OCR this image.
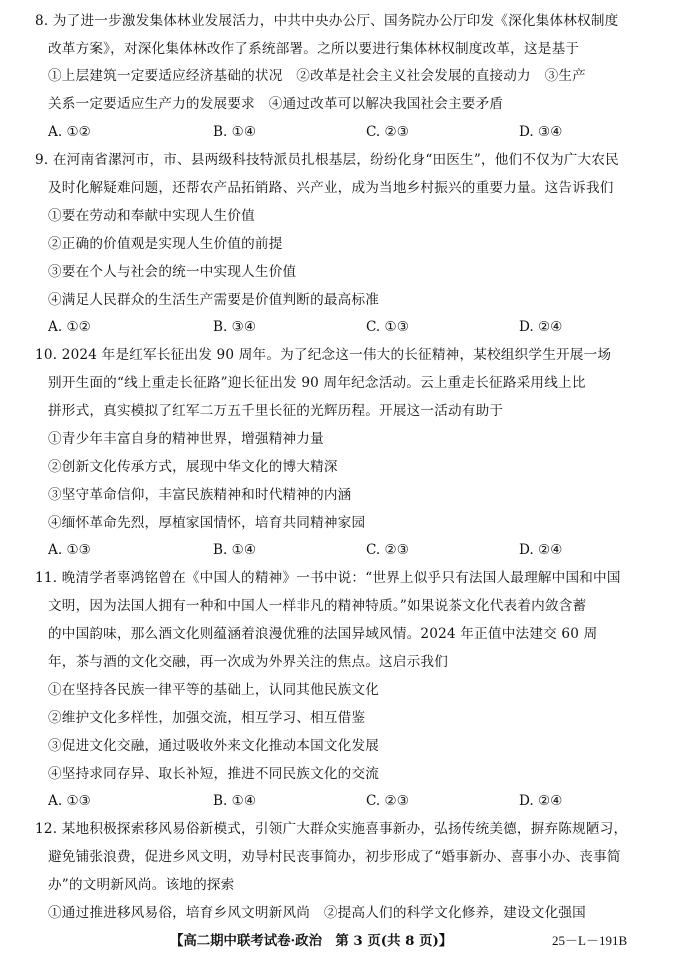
8. 为了进一步激发集体林业发展活力，中共中央办公厅、国务院办公厅印发《深化集体林权制度
改革方案》，对深化集体林改作了系统部署。之所以要进行集体林权制度改革，这是基于
①上层建筑一定要适应经济基础的状况　②改革是社会主义社会发展的直接动力　③生产
关系一定要适应生产力的发展要求　④通过改革可以解决我国社会主要矛盾
A. ①②	B. ①④	C. ②③	D. ③④
9. 在河南省漯河市，市、县两级科技特派员扎根基层，纷纷化身“田医生”，他们不仅为广大农民
及时化解疑难问题，还帮农产品拓销路、兴产业，成为当地乡村振兴的重要力量。这告诉我们
①要在劳动和奉献中实现人生价值
②正确的价值观是实现人生价值的前提
③要在个人与社会的统一中实现人生价值
④满足人民群众的生活生产需要是价值判断的最高标准
A. ①②	B. ③④	C. ①③	D. ②④
10. 2024 年是红军长征出发 90 周年。为了纪念这一伟大的长征精神，某校组织学生开展一场
别开生面的“线上重走长征路”迎长征出发 90 周年纪念活动。云上重走长征路采用线上比
拼形式，真实模拟了红军二万五千里长征的光辉历程。开展这一活动有助于
①青少年丰富自身的精神世界，增强精神力量
②创新文化传承方式，展现中华文化的博大精深
③坚守革命信仰，丰富民族精神和时代精神的内涵
④缅怀革命先烈，厚植家国情怀，培育共同精神家园
A. ①③	B. ①④	C. ②③	D. ②④
11. 晚清学者辜鸿铭曾在《中国人的精神》一书中说：“世界上似乎只有法国人最理解中国和中国
文明，因为法国人拥有一种和中国人一样非凡的精神特质。”如果说茶文化代表着内敛含蓄
的中国韵味，那么酒文化则蕴涵着浪漫优雅的法国异域风情。2024 年正值中法建交 60 周
年，茶与酒的文化交融，再一次成为外界关注的焦点。这启示我们
①在坚持各民族一律平等的基础上，认同其他民族文化
②维护文化多样性，加强交流，相互学习、相互借鉴
③促进文化交融，通过吸收外来文化推动本国文化发展
④坚持求同存异、取长补短，推进不同民族文化的交流
A. ①③	B. ①④	C. ②③	D. ②④
12. 某地积极探索移风易俗新模式，引领广大群众实施喜事新办，弘扬传统美德，摒弃陈规陋习，
避免铺张浪费，促进乡风文明，劝导村民丧事简办，初步形成了“婚事新办、喜事小办、丧事简
办”的文明新风尚。该地的探索
①通过推进移风易俗，培育乡风文明新风尚　②提高人们的科学文化修养，建设文化强国
【高二期中联考试卷·政治　第 3 页(共 8 页)】	25－L－191B
